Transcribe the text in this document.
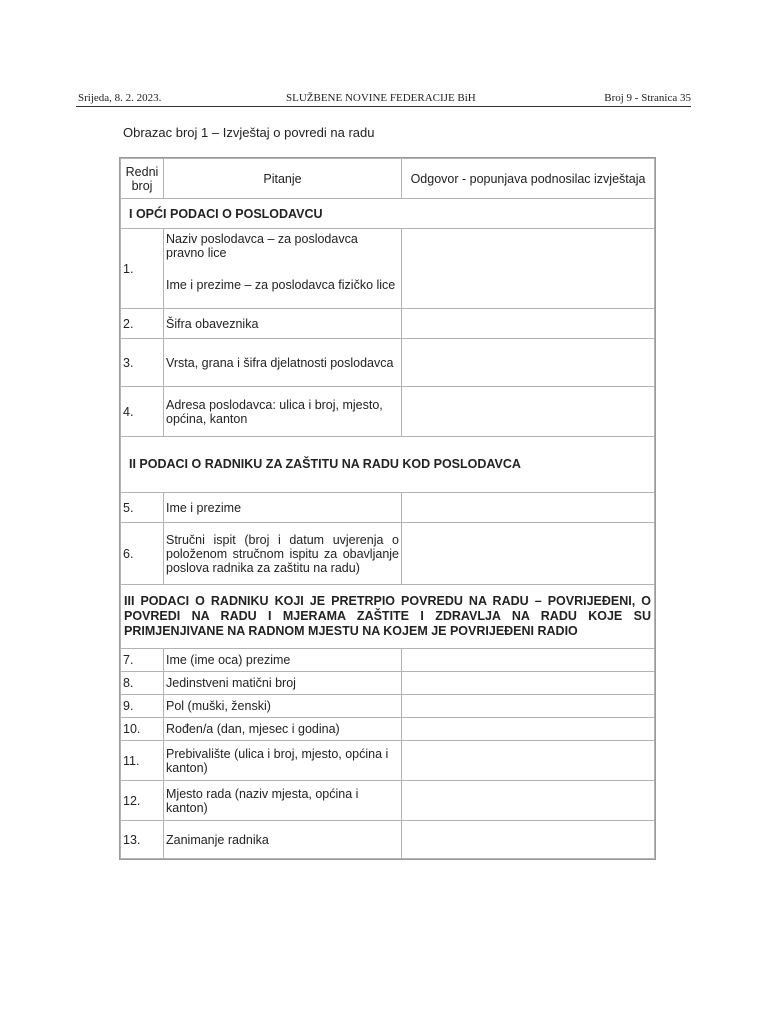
Srijeda, 8. 2. 2023.	SLUŽBENE NOVINE FEDERACIJE BiH	Broj 9 - Stranica 35
Obrazac broj 1 – Izvještaj o povredi na radu
Redni broj	Pitanje	Odgovor - popunjava podnosilac izvještaja
I OPĆI PODACI O POSLODAVCU		
1.	Naziv poslodavca – za poslodavca pravno lice
Ime i prezime – za poslodavca fizičko lice	

2.	Šifra obaveznika	
3.	Vrsta, grana i šifra djelatnosti poslodavca	
4.	Adresa poslodavca: ulica i broj, mjesto, općina, kanton	
II PODACI O RADNIKU ZA ZAŠTITU NA RADU KOD POSLODAVCA		
5.	Ime i prezime	
6.	Stručni ispit (broj i datum uvjerenja o položenom stručnom ispitu za obavljanje poslova radnika za zaštitu na radu)	
III PODACI O RADNIKU KOJI JE PRETRPIO POVREDU NA RADU – POVRIJEĐENI, O POVREDI NA RADU I MJERAMA ZAŠTITE I ZDRAVLJA NA RADU KOJE SU PRIMJENJIVANE NA RADNOM MJESTU NA KOJEM JE POVRIJEĐENI RADIO		
7.	Ime (ime oca) prezime	
8.	Jedinstveni matični broj	
9.	Pol (muški, ženski)	
10.	Rođen/a (dan, mjesec i godina)	
11.	Prebivalište (ulica i broj, mjesto, općina i kanton)	
12.	Mjesto rada (naziv mjesta, općina i kanton)	
13.	Zanimanje radnika	
